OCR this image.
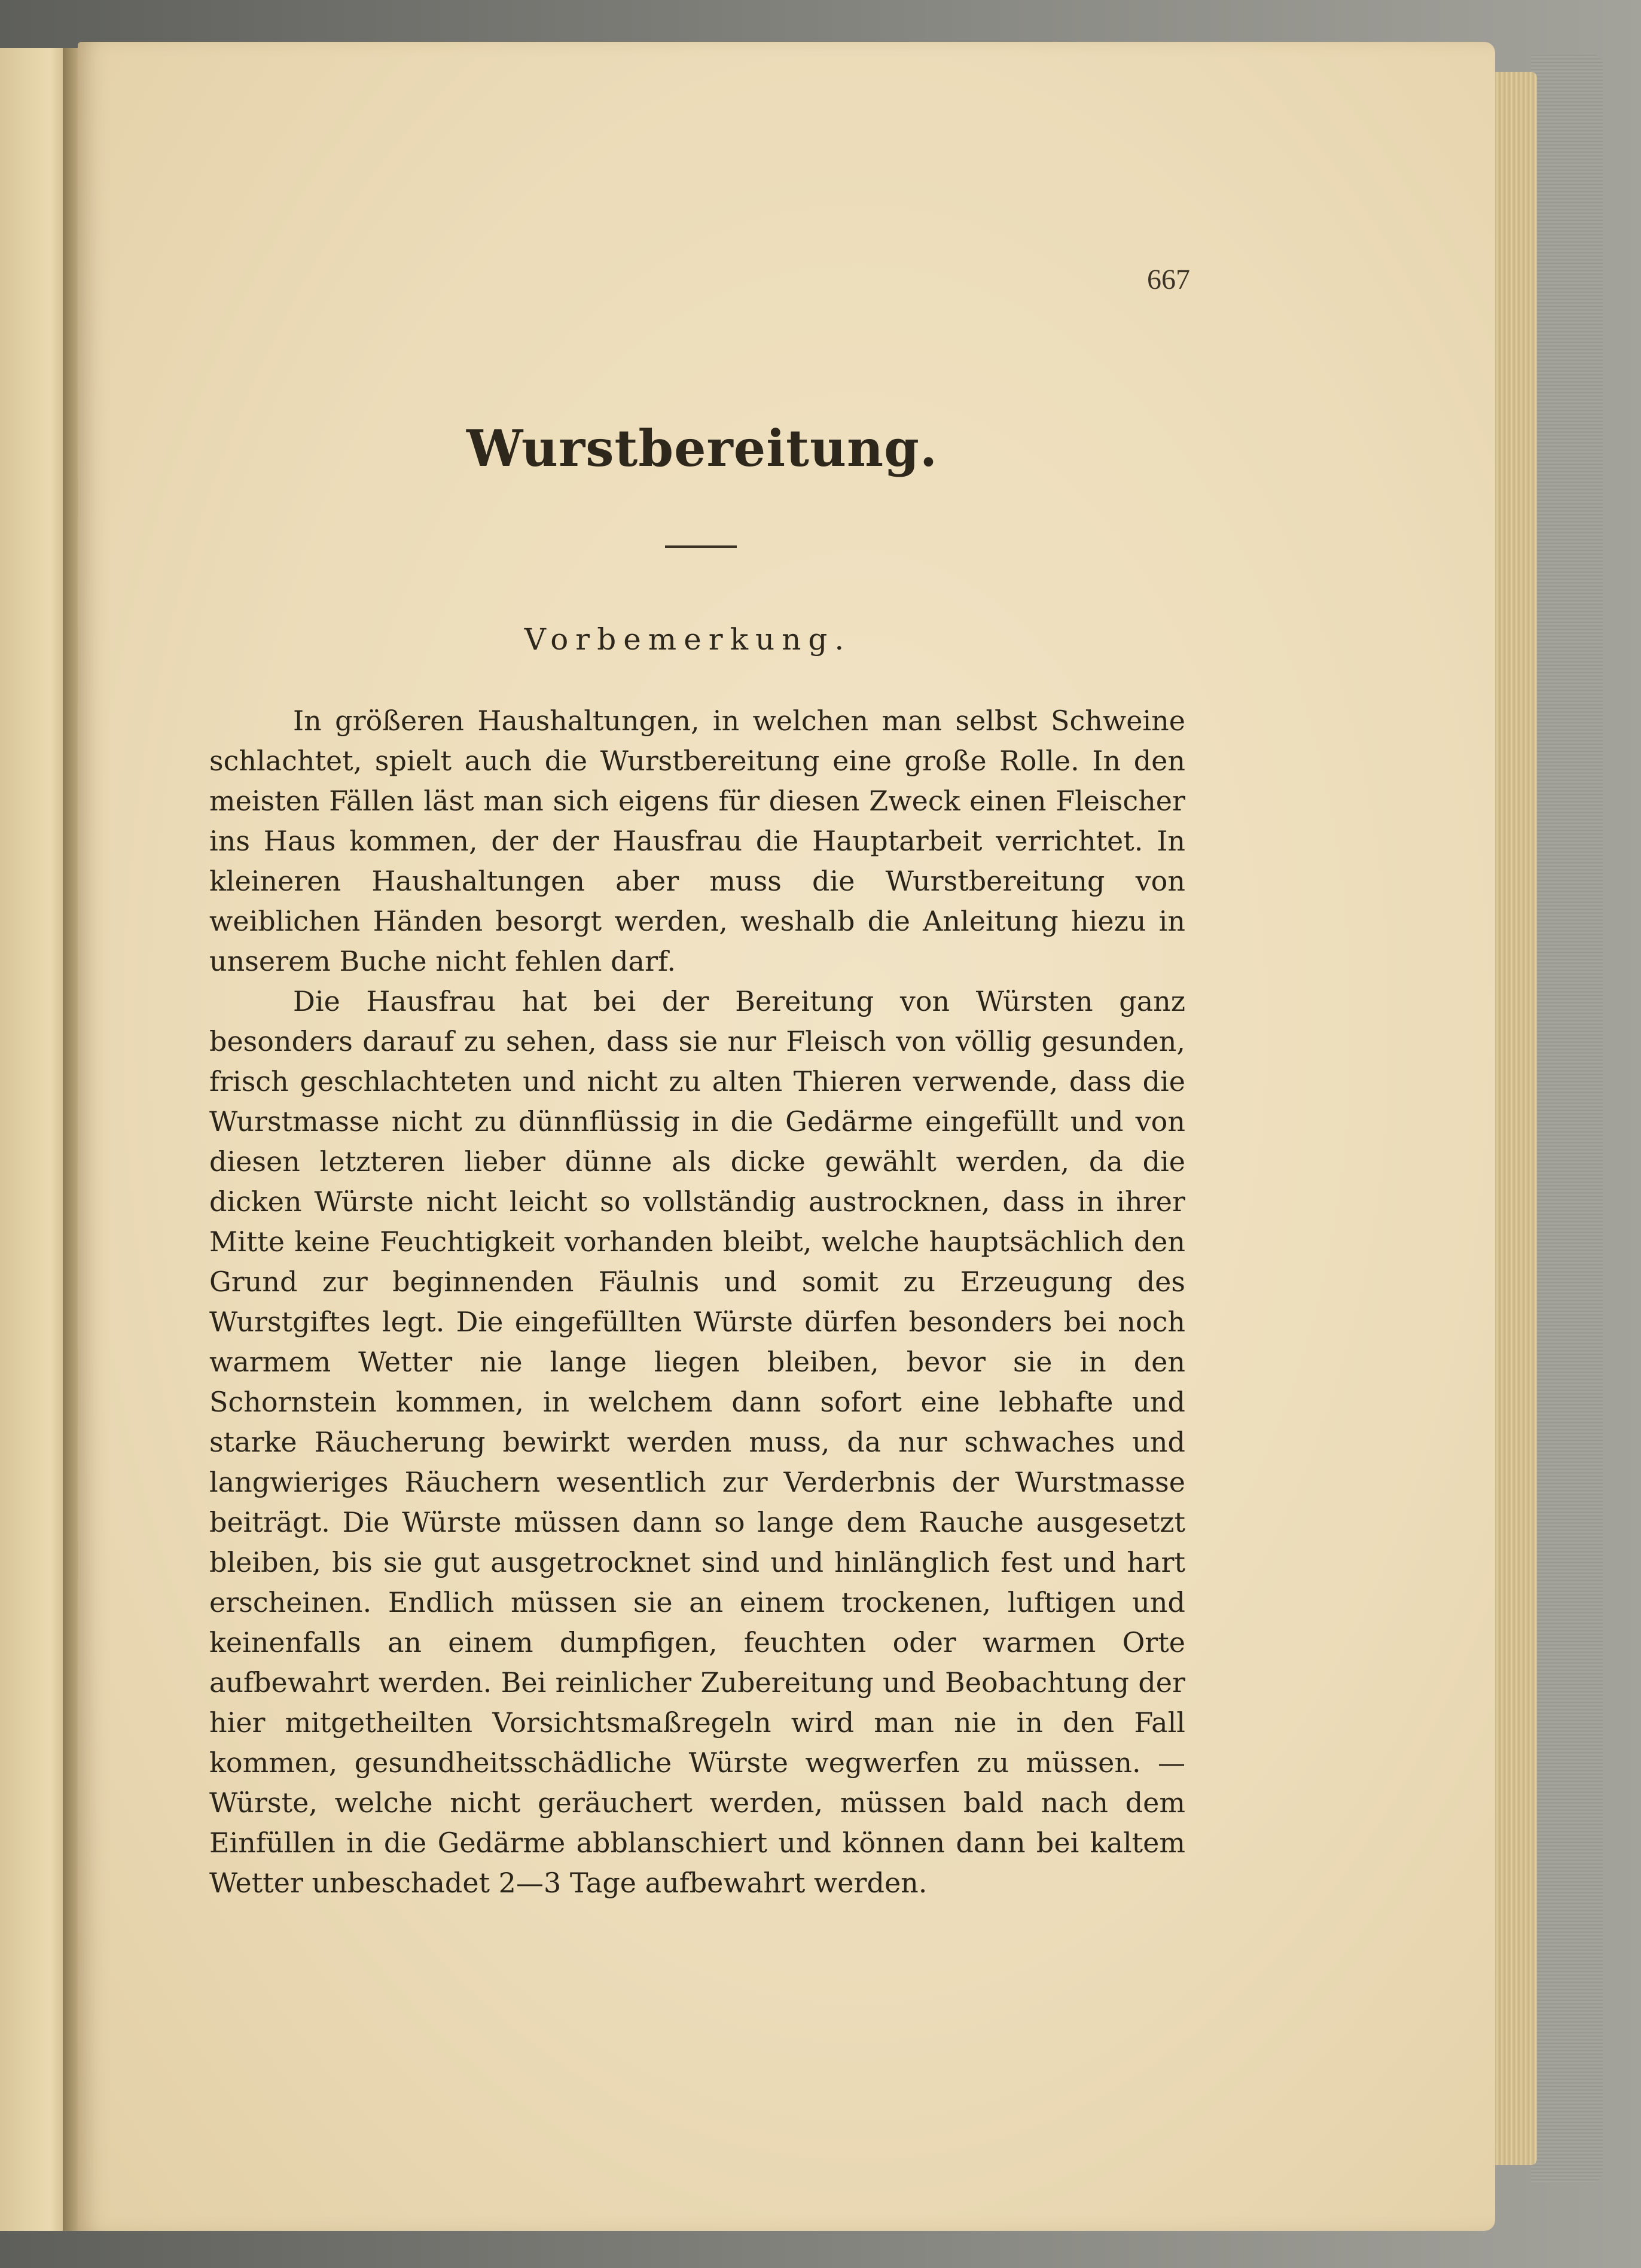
667
Wurstbereitung.
Vorbemerkung.

In größeren Haushaltungen, in welchen man selbst Schweine schlachtet, spielt auch die Wurstbereitung eine große Rolle. In den meisten Fällen läst man sich eigens für diesen Zweck einen Fleischer ins Haus kommen, der der Hausfrau die Hauptarbeit verrichtet. In kleineren Haushaltungen aber muss die Wurstbereitung von weiblichen Händen besorgt werden, weshalb die Anleitung hiezu in unserem Buche nicht fehlen darf.

Die Hausfrau hat bei der Bereitung von Würsten ganz besonders darauf zu sehen, dass sie nur Fleisch von völlig gesunden, frisch geschlachteten und nicht zu alten Thieren verwende, dass die Wurstmasse nicht zu dünnflüssig in die Gedärme eingefüllt und von diesen letzteren lieber dünne als dicke gewählt werden, da die dicken Würste nicht leicht so vollständig austrocknen, dass in ihrer Mitte keine Feuchtigkeit vorhanden bleibt, welche hauptsächlich den Grund zur beginnenden Fäulnis und somit zu Erzeugung des Wurstgiftes legt. Die eingefüllten Würste dürfen besonders bei noch warmem Wetter nie lange liegen bleiben, bevor sie in den Schornstein kommen, in welchem dann sofort eine lebhafte und starke Räucherung bewirkt werden muss, da nur schwaches und langwieriges Räuchern wesentlich zur Verderbnis der Wurstmasse beiträgt. Die Würste müssen dann so lange dem Rauche ausgesetzt bleiben, bis sie gut ausgetrocknet sind und hinlänglich fest und hart erscheinen. Endlich müssen sie an einem trockenen, luftigen und keinenfalls an einem dumpfigen, feuchten oder warmen Orte aufbewahrt werden. Bei reinlicher Zubereitung und Beobachtung der hier mitgetheilten Vorsichtsmaßregeln wird man nie in den Fall kommen, gesundheitsschädliche Würste wegwerfen zu müssen. — Würste, welche nicht geräuchert werden, müssen bald nach dem Einfüllen in die Gedärme abblanschiert und können dann bei kaltem Wetter unbeschadet 2—3 Tage aufbewahrt werden.
